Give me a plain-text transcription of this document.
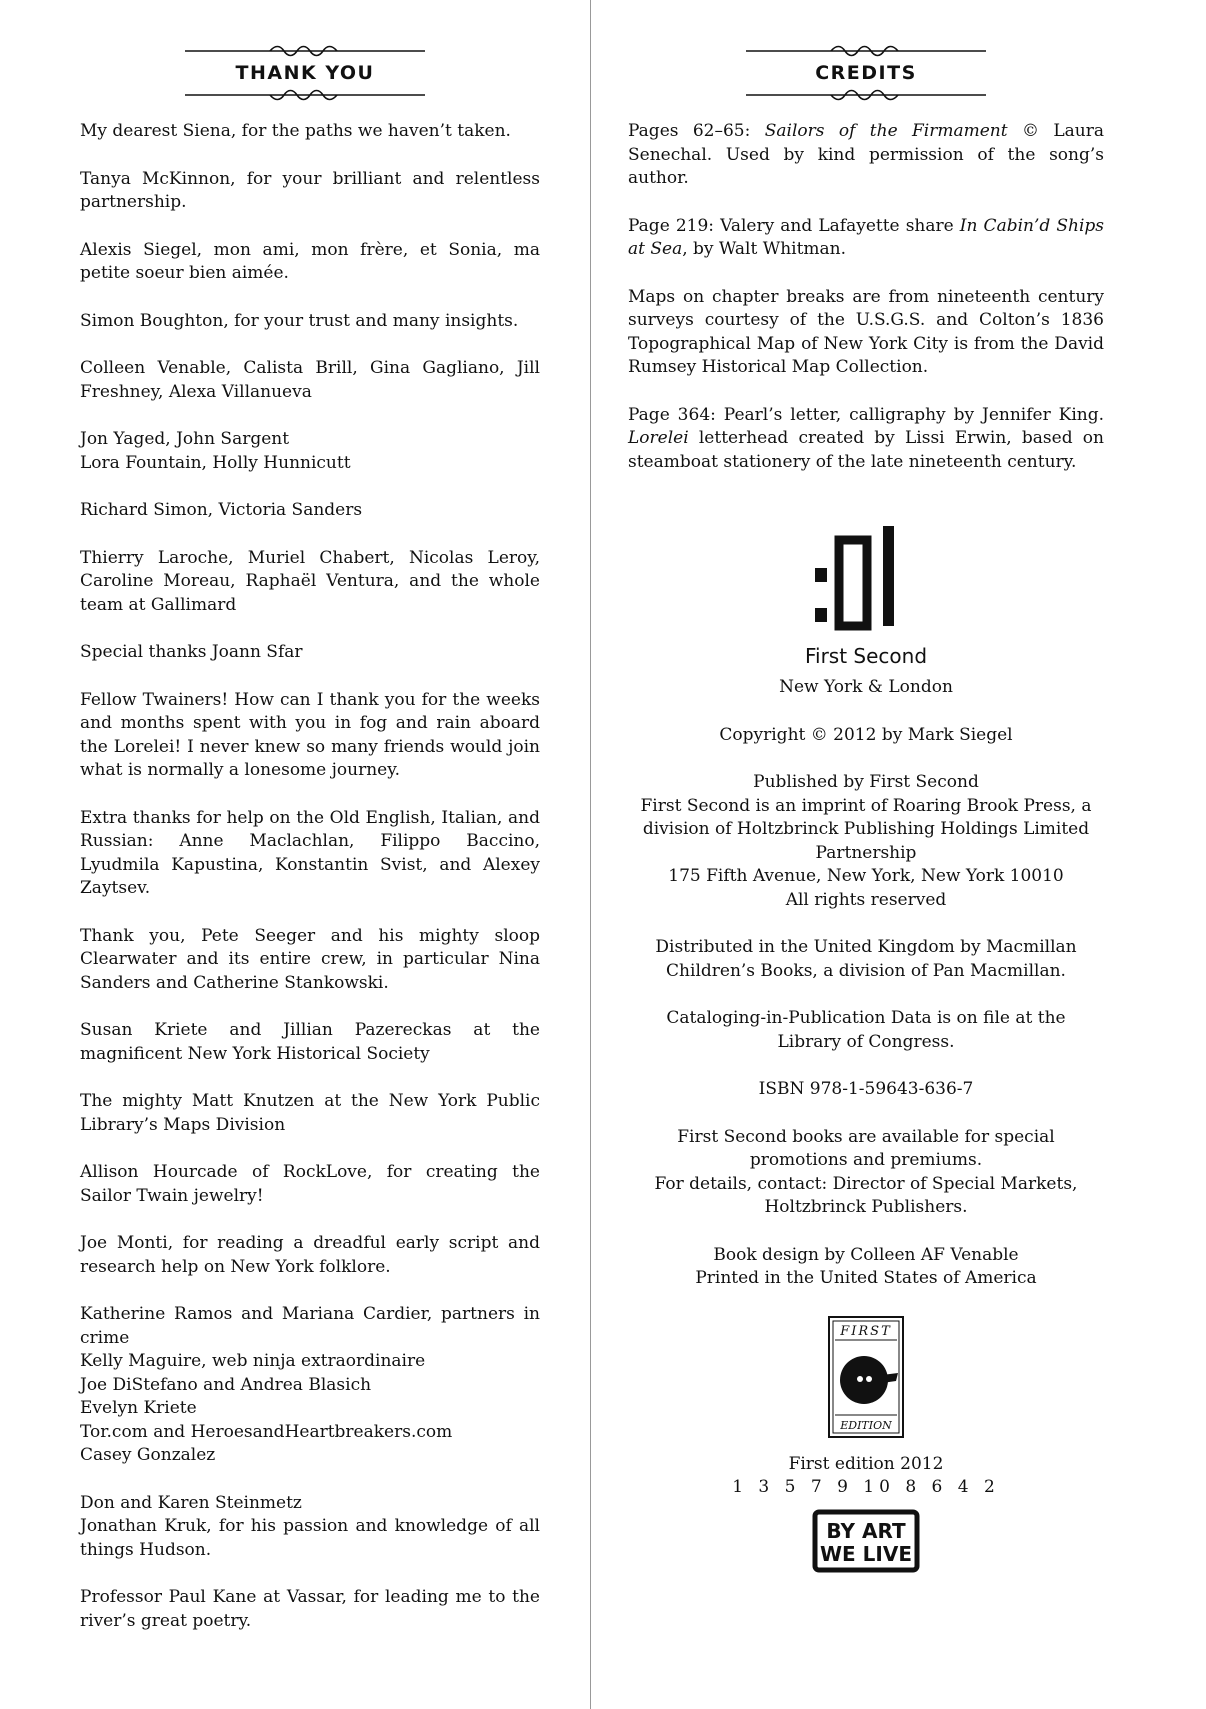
THANK YOU

My dearest Siena, for the paths we haven’t taken.

Tanya McKinnon, for your brilliant and relentless partnership.

Alexis Siegel, mon ami, mon frère, et Sonia, ma petite soeur bien aimée.

Simon Boughton, for your trust and many insights.

Colleen Venable, Calista Brill, Gina Gagliano, Jill Freshney, Alexa Villanueva

Jon Yaged, John Sargent
Lora Fountain, Holly Hunnicutt

Richard Simon, Victoria Sanders

Thierry Laroche, Muriel Chabert, Nicolas Leroy, Caroline Moreau, Raphaël Ventura, and the whole team at Gallimard

Special thanks Joann Sfar

Fellow Twainers! How can I thank you for the weeks and months spent with you in fog and rain aboard the Lorelei! I never knew so many friends would join what is normally a lonesome journey.

Extra thanks for help on the Old English, Italian, and Russian: Anne Maclachlan, Filippo Baccino, Lyudmila Kapustina, Konstantin Svist, and Alexey Zaytsev.

Thank you, Pete Seeger and his mighty sloop Clearwater and its entire crew, in particular Nina Sanders and Catherine Stankowski.

Susan Kriete and Jillian Pazereckas at the magnificent New York Historical Society

The mighty Matt Knutzen at the New York Public Library’s Maps Division

Allison Hourcade of RockLove, for creating the Sailor Twain jewelry!

Joe Monti, for reading a dreadful early script and research help on New York folklore.

Katherine Ramos and Mariana Cardier, partners in crime
Kelly Maguire, web ninja extraordinaire
Joe DiStefano and Andrea Blasich
Evelyn Kriete
Tor.com and HeroesandHeartbreakers.com
Casey Gonzalez

Don and Karen Steinmetz
Jonathan Kruk, for his passion and knowledge of all things Hudson.

Professor Paul Kane at Vassar, for leading me to the river’s great poetry.

CREDITS

Pages 62–65: Sailors of the Firmament © Laura Senechal. Used by kind permission of the song’s author.

Page 219: Valery and Lafayette share In Cabin’d Ships at Sea, by Walt Whitman.

Maps on chapter breaks are from nineteenth century surveys courtesy of the U.S.G.S. and Colton’s 1836 Topographical Map of New York City is from the David Rumsey Historical Map Collection.

Page 364: Pearl’s letter, calligraphy by Jennifer King. Lorelei letterhead created by Lissi Erwin, based on steamboat stationery of the late nineteenth century.

:01
First Second
New York & London
Copyright © 2012 by Mark Siegel
Published by First Second
First Second is an imprint of Roaring Brook Press, a
division of Holtzbrinck Publishing Holdings Limited
Partnership
175 Fifth Avenue, New York, New York 10010
All rights reserved
Distributed in the United Kingdom by Macmillan
Children’s Books, a division of Pan Macmillan.
Cataloging-in-Publication Data is on file at the
Library of Congress.
ISBN 978-1-59643-636-7
First Second books are available for special
promotions and premiums.
For details, contact: Director of Special Markets,
Holtzbrinck Publishers.
Book design by Colleen AF Venable
Printed in the United States of America
FIRST
EDITION
First edition 2012
1 3 5 7 9 10 8 6 4 2
BY ART
WE LIVE
